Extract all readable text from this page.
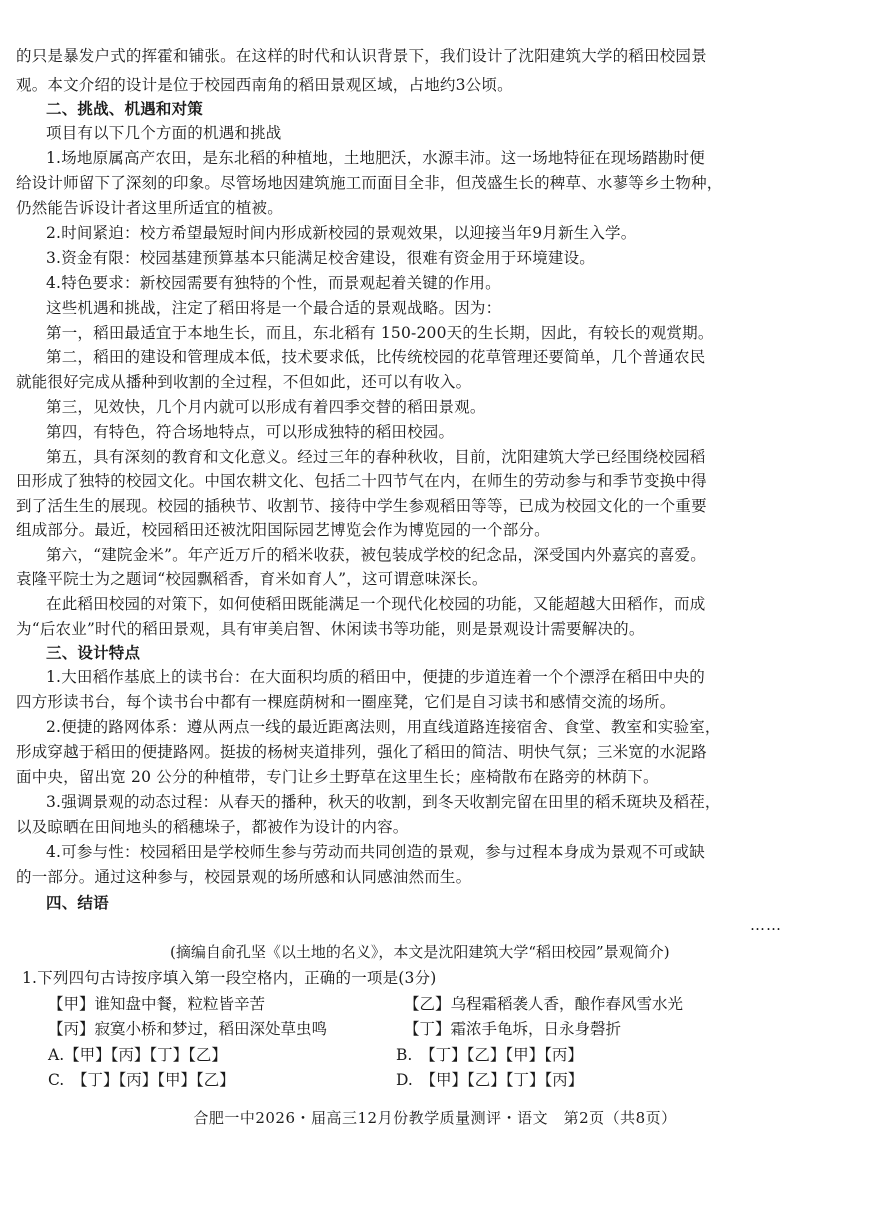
的只是暴发户式的挥霍和铺张。在这样的时代和认识背景下，我们设计了沈阳建筑大学的稻田校园景
观。本文介绍的设计是位于校园西南角的稻田景观区域，占地约3公顷。
二、挑战、机遇和对策
项目有以下几个方面的机遇和挑战
1.场地原属高产农田，是东北稻的种植地，土地肥沃，水源丰沛。这一场地特征在现场踏勘时便
给设计师留下了深刻的印象。尽管场地因建筑施工而面目全非，但茂盛生长的稗草、水蓼等乡土物种，
仍然能告诉设计者这里所适宜的植被。
2.时间紧迫：校方希望最短时间内形成新校园的景观效果，以迎接当年9月新生入学。
3.资金有限：校园基建预算基本只能满足校舍建设，很难有资金用于环境建设。
4.特色要求：新校园需要有独特的个性，而景观起着关键的作用。
这些机遇和挑战，注定了稻田将是一个最合适的景观战略。因为：
第一，稻田最适宜于本地生长，而且，东北稻有 150-200天的生长期，因此，有较长的观赏期。
第二，稻田的建设和管理成本低，技术要求低，比传统校园的花草管理还要简单，几个普通农民
就能很好完成从播种到收割的全过程，不但如此，还可以有收入。
第三，见效快，几个月内就可以形成有着四季交替的稻田景观。
第四，有特色，符合场地特点，可以形成独特的稻田校园。
第五，具有深刻的教育和文化意义。经过三年的春种秋收，目前，沈阳建筑大学已经围绕校园稻
田形成了独特的校园文化。中国农耕文化、包括二十四节气在内，在师生的劳动参与和季节变换中得
到了活生生的展现。校园的插秧节、收割节、接待中学生参观稻田等等，已成为校园文化的一个重要
组成部分。最近，校园稻田还被沈阳国际园艺博览会作为博览园的一个部分。
第六，“建院金米”。年产近万斤的稻米收获，被包装成学校的纪念品，深受国内外嘉宾的喜爱。
袁隆平院士为之题词“校园飘稻香，育米如育人”，这可谓意味深长。
在此稻田校园的对策下，如何使稻田既能满足一个现代化校园的功能，又能超越大田稻作，而成
为“后农业”时代的稻田景观，具有审美启智、休闲读书等功能，则是景观设计需要解决的。
三、设计特点
1.大田稻作基底上的读书台：在大面积均质的稻田中，便捷的步道连着一个个漂浮在稻田中央的
四方形读书台，每个读书台中都有一棵庭荫树和一圈座凳，它们是自习读书和感情交流的场所。
2.便捷的路网体系：遵从两点一线的最近距离法则，用直线道路连接宿舍、食堂、教室和实验室，
形成穿越于稻田的便捷路网。挺拔的杨树夹道排列，强化了稻田的简洁、明快气氛；三米宽的水泥路
面中央，留出宽 20 公分的种植带，专门让乡土野草在这里生长；座椅散布在路旁的林荫下。
3.强调景观的动态过程：从春天的播种，秋天的收割，到冬天收割完留在田里的稻禾斑块及稻茬，
以及晾晒在田间地头的稻穗垛子，都被作为设计的内容。
4.可参与性：校园稻田是学校师生参与劳动而共同创造的景观，参与过程本身成为景观不可或缺
的一部分。通过这种参与，校园景观的场所感和认同感油然而生。
四、结语
……
(摘编自俞孔坚《以土地的名义》，本文是沈阳建筑大学“稻田校园”景观简介)
1.下列四句古诗按序填入第一段空格内，正确的一项是(3分)
【甲】谁知盘中餐，粒粒皆辛苦	【乙】乌程霜稻袭人香，酿作春风雪水光
【丙】寂寞小桥和梦过，稻田深处草虫鸣	【丁】霜浓手龟坼，日永身磬折
A.【甲】【丙】【丁】【乙】	B.　【丁】【乙】【甲】【丙】
C.　【丁】【丙】【甲】【乙】	D.　【甲】【乙】【丁】【丙】
合肥一中2026・届高三12月份教学质量测评・语文　第2页（共8页）
